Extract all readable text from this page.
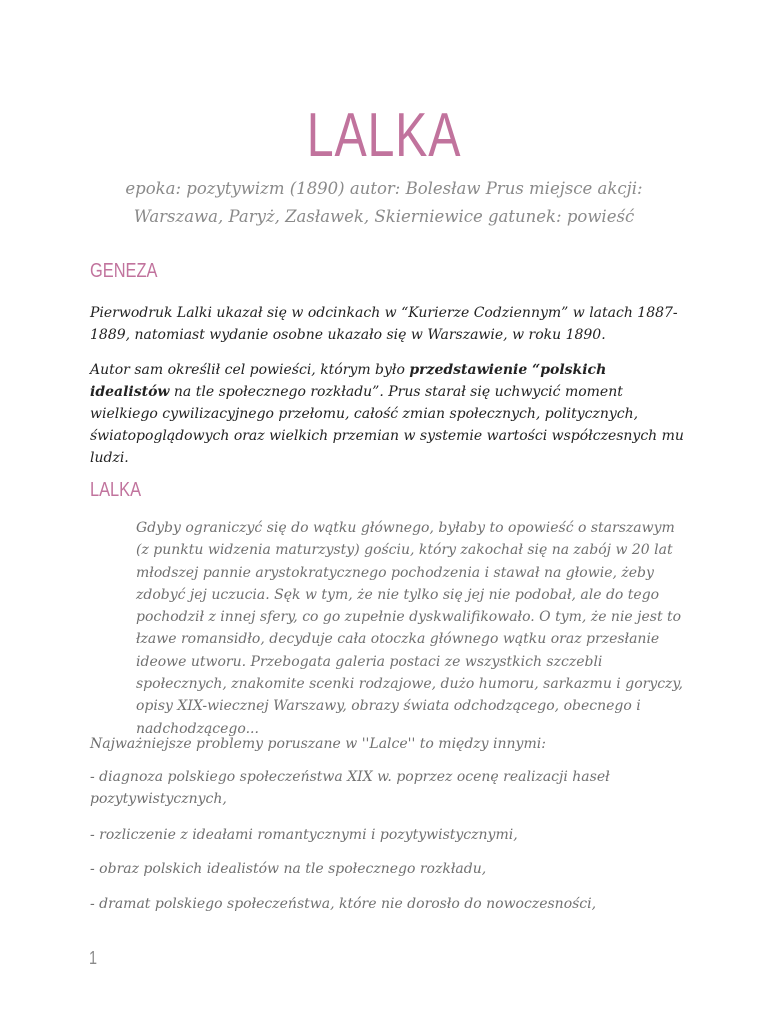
LALKA
epoka: pozytywizm (1890) autor: Bolesław Prus miejsce akcji: Warszawa, Paryż, Zasławek, Skierniewice gatunek: powieść
GENEZA
Pierwodruk Lalki ukazał się w odcinkach w “Kurierze Codziennym” w latach 1887-1889, natomiast wydanie osobne ukazało się w Warszawie, w roku 1890.
Autor sam określił cel powieści, którym było przedstawienie “polskich idealistów na tle społecznego rozkładu”. Prus starał się uchwycić moment wielkiego cywilizacyjnego przełomu, całość zmian społecznych, politycznych, światopoglądowych oraz wielkich przemian w systemie wartości współczesnych mu ludzi.
LALKA
Gdyby ograniczyć się do wątku głównego, byłaby to opowieść o starszawym (z punktu widzenia maturzysty) gościu, który zakochał się na zabój w 20 lat młodszej pannie arystokratycznego pochodzenia i stawał na głowie, żeby zdobyć jej uczucia. Sęk w tym, że nie tylko się jej nie podobał, ale do tego pochodził z innej sfery, co go zupełnie dyskwalifikowało. O tym, że nie jest to łzawe romansidło, decyduje cała otoczka głównego wątku oraz przesłanie ideowe utworu. Przebogata galeria postaci ze wszystkich szczebli społecznych, znakomite scenki rodzajowe, dużo humoru, sarkazmu i goryczy, opisy XIX-wiecznej Warszawy, obrazy świata odchodzącego, obecnego i nadchodzącego...
Najważniejsze problemy poruszane w ''Lalce'' to między innymi:
- diagnoza polskiego społeczeństwa XIX w. poprzez ocenę realizacji haseł pozytywistycznych,
- rozliczenie z ideałami romantycznymi i pozytywistycznymi,
- obraz polskich idealistów na tle społecznego rozkładu,
- dramat polskiego społeczeństwa, które nie dorosło do nowoczesności,
1
